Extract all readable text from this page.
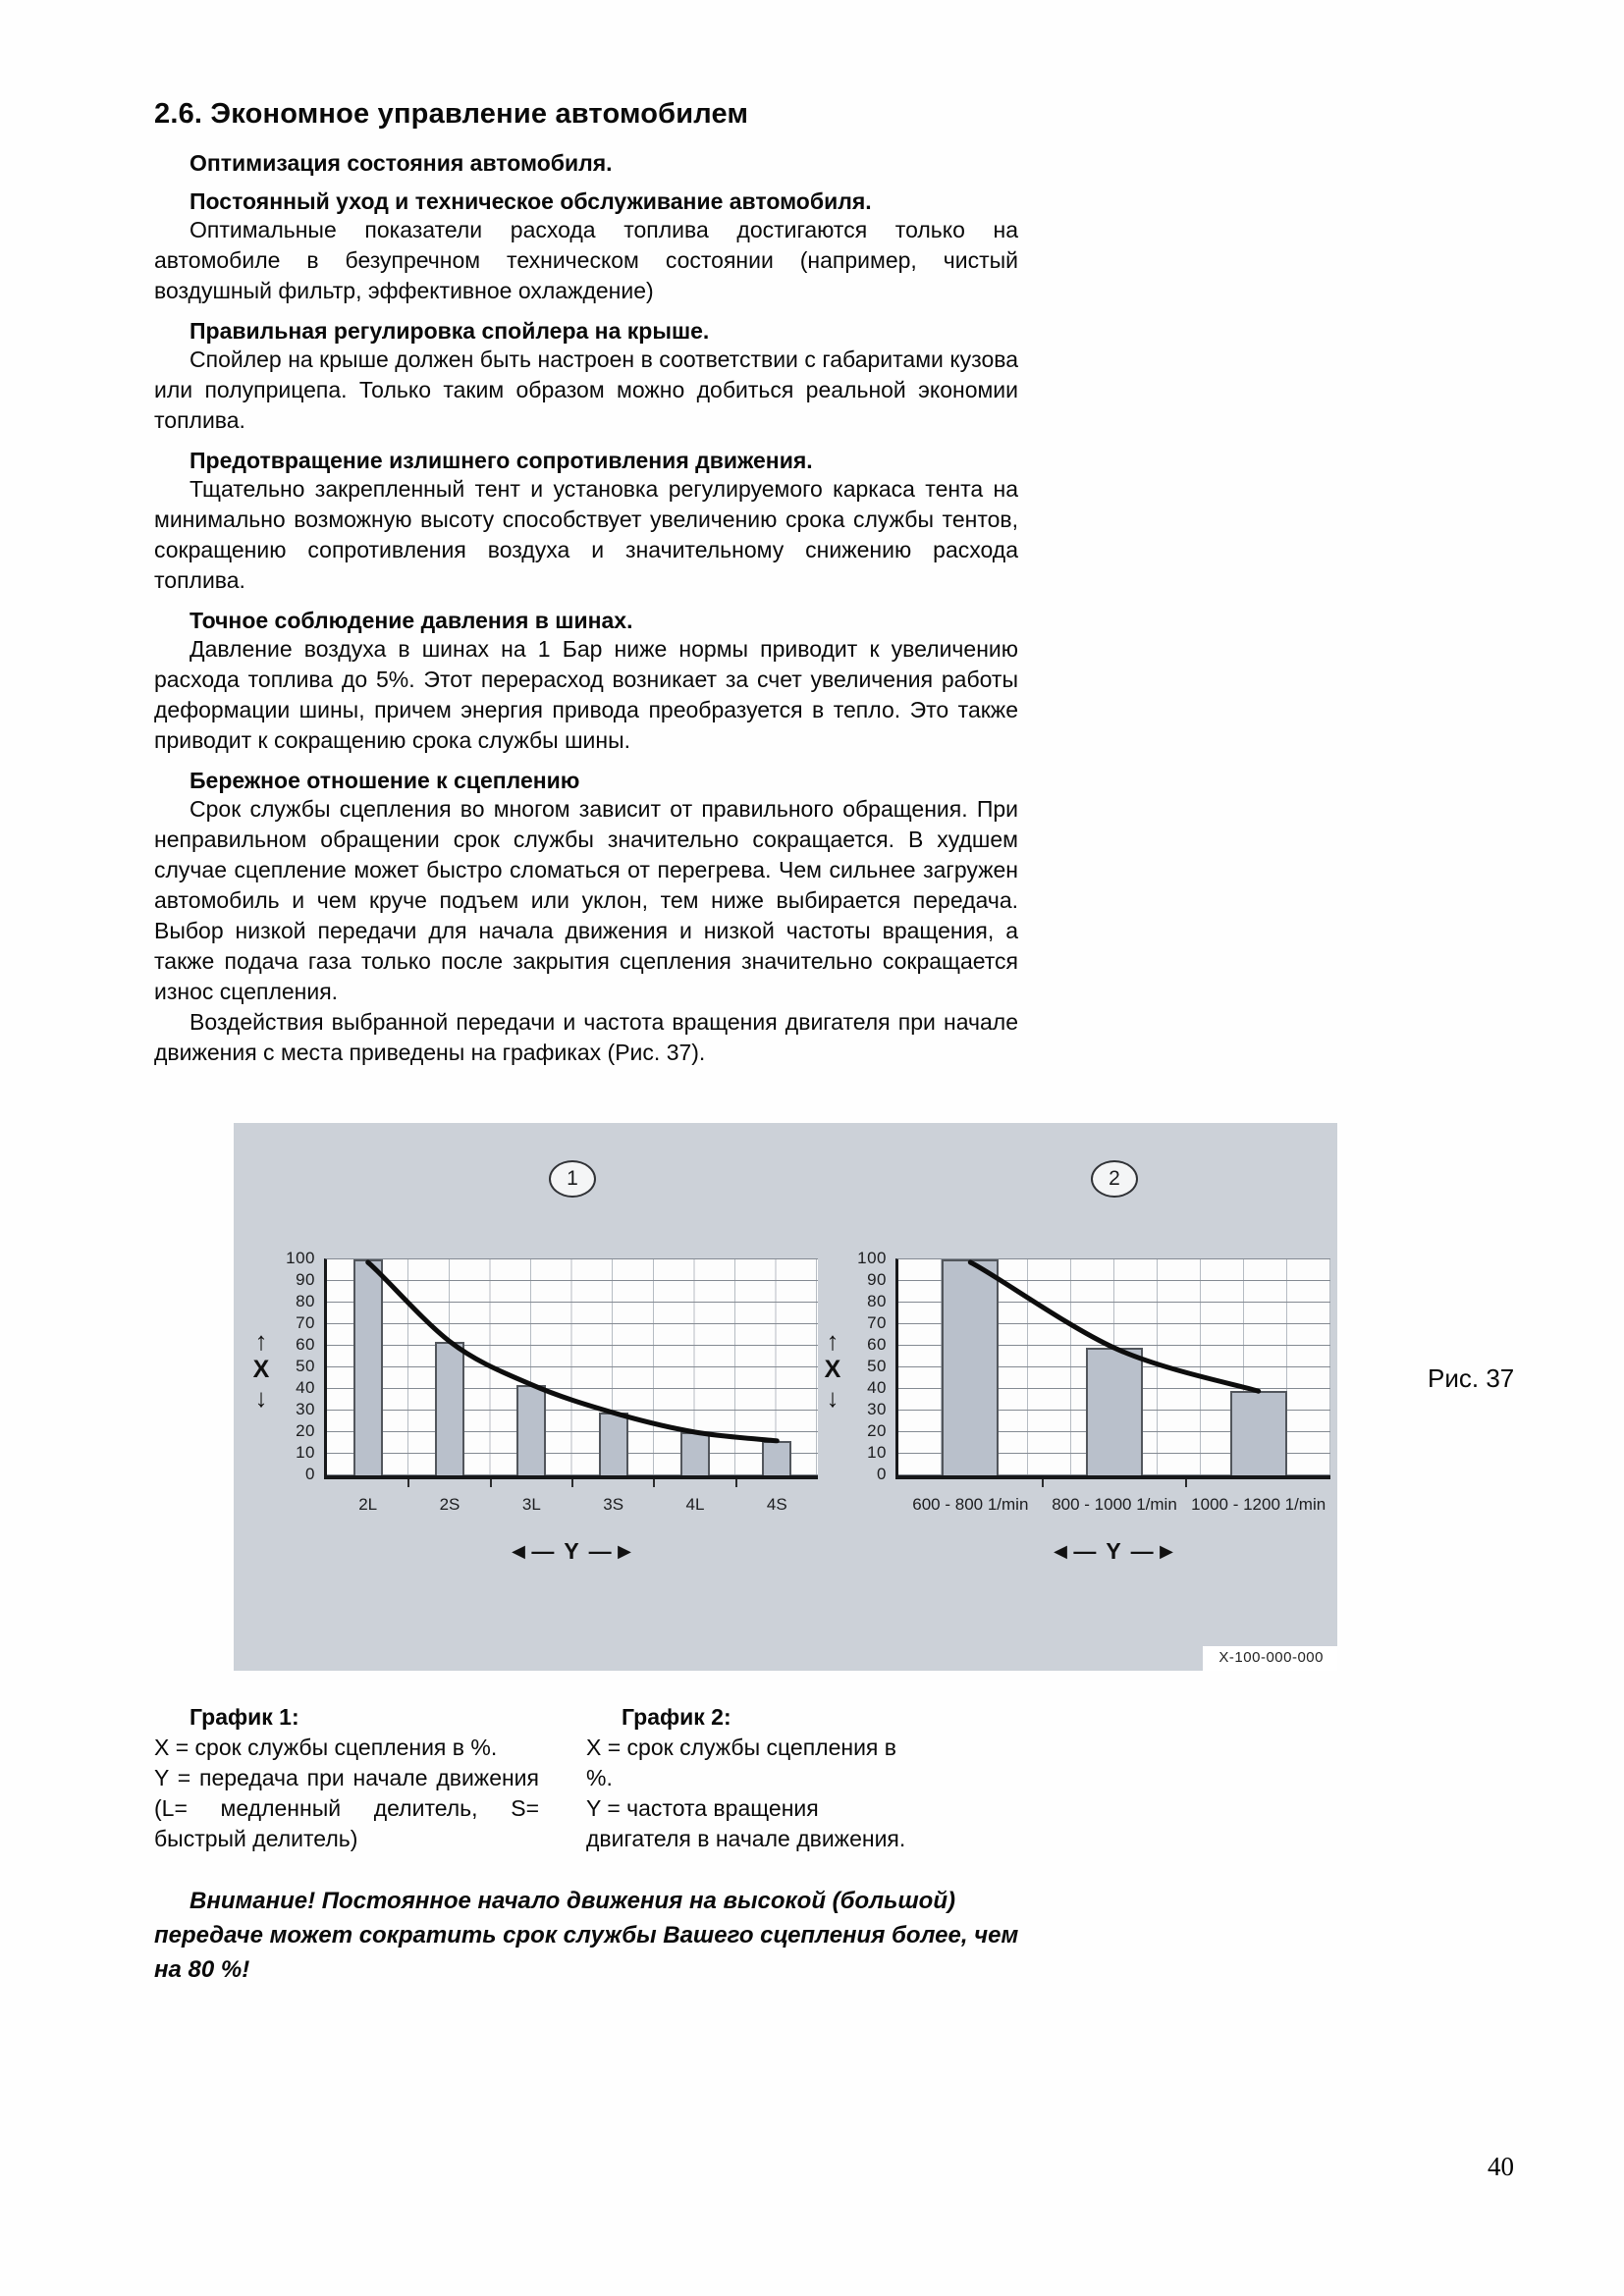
2.6. Экономное управление автомобилем
Оптимизация состояния автомобиля.
Постоянный уход и техническое обслуживание автомобиля.

Оптимальные показатели расхода топлива достигаются только на автомобиле в безупречном техническом состоянии (например, чистый воздушный фильтр, эффективное охлаждение)

Правильная регулировка спойлера на крыше.

Спойлер на крыше должен быть настроен в соответствии с габаритами кузова или полуприцепа. Только таким образом можно добиться реальной экономии топлива.

Предотвращение излишнего сопротивления движения.

Тщательно закрепленный тент и установка регулируемого каркаса тента на минимально возможную высоту способствует увеличению срока службы тентов, сокращению сопротивления воздуха и значительному снижению расхода топлива.

Точное соблюдение давления в шинах.

Давление воздуха в шинах на 1 Бар ниже нормы приводит к увеличению расхода топлива до 5%. Этот перерасход возникает за счет увеличения работы деформации шины, причем энергия привода преобразуется в тепло. Это также приводит к сокращению срока службы шины.

Бережное отношение к сцеплению

Срок службы сцепления во многом зависит от правильного обращения. При неправильном обращении срок службы значительно сокращается. В худшем случае сцепление может быстро сломаться от перегрева. Чем сильнее загружен автомобиль и чем круче подъем или уклон, тем ниже выбирается передача. Выбор низкой передачи для начала движения и низкой частоты вращения, а также подача газа только после закрытия сцепления значительно сокращается износ сцепления.

Воздействия выбранной передачи и частота вращения двигателя при начале движения с места приведены на графиках (Рис. 37).

1
↑
X
↓
100
90
80
70
60
50
40
30
20
10
0
2L	2S	3L	3S	4L	4S
◄— Y —►
2
↑
X
↓
100
90
80
70
60
50
40
30
20
10
0
600 - 800 1/min	800 - 1000 1/min 1000 - 1200 1/min
◄— Y —►
X-100-000-000
Рис. 37
График 1:

X = срок службы сцепления в %.

Y = передача при начале движения (L= медленный делитель, S= быстрый делитель)

График 2:

X = срок службы сцепления в %.

Y = частота вращения двигателя в начале движения.

Внимание! Постоянное начало движения на высокой (большой) передаче может сократить срок службы Вашего сцепления более, чем на 80 %!

40
